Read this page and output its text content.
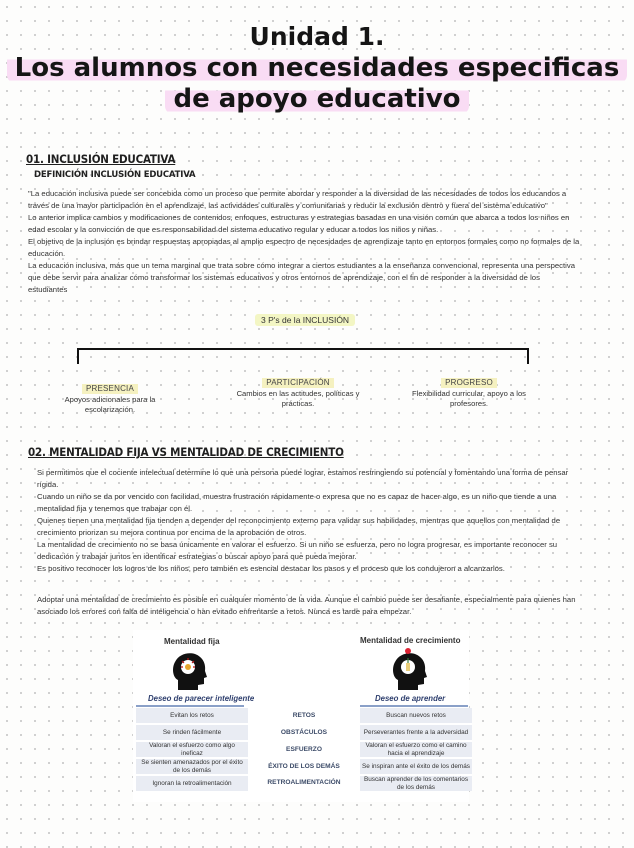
Unidad 1.
Los alumnos con necesidades especificas
de apoyo educativo
01. INCLUSIÓN EDUCATIVA
DEFINICIÓN INCLUSIÓN EDUCATIVA

"La educación inclusiva puede ser concebida como un proceso que permite abordar y responder a la diversidad de las necesidades de todos los educandos a través de una mayor participación en el aprendizaje, las actividades culturales y comunitarias y reducir la exclusión dentro y fuera del sistema educativo"

Lo anterior implica cambios y modificaciones de contenidos, enfoques, estructuras y estrategias basadas en una visión común que abarca a todos los niños en edad escolar y la convicción de que es responsabilidad del sistema educativo regular y educar a todos los niños y niñas.

El objetivo de la inclusión es brindar respuestas apropiadas al amplio espectro de necesidades de aprendizaje tanto en entornos formales como no formales de la educación.

La educación inclusiva, más que un tema marginal que trata sobre cómo integrar a ciertos estudiantes a la enseñanza convencional, representa una perspectiva que debe servir para analizar cómo transformar los sistemas educativos y otros entornos de aprendizaje, con el fin de responder a la diversidad de los estudiantes

3 P's de la INCLUSIÓN
PRESENCIA
Apoyos adicionales para la escolarización.
PARTICIPACIÓN
Cambios en las actitudes, políticas y prácticas.
PROGRESO
Flexibilidad curricular, apoyo a los profesores.
02. MENTALIDAD FIJA VS MENTALIDAD DE CRECIMIENTO

Si permitimos que el cociente intelectual determine lo que una persona puede lograr, estamos restringiendo su potencial y fomentando una forma de pensar rígida.

Cuando un niño se da por vencido con facilidad, muestra frustración rápidamente o expresa que no es capaz de hacer algo, es un niño que tiende a una mentalidad fija y tenemos que trabajar con él.

Quienes tienen una mentalidad fija tienden a depender del reconocimiento externo para validar sus habilidades, mientras que aquellos con mentalidad de crecimiento priorizan su mejora continua por encima de la aprobación de otros.

La mentalidad de crecimiento no se basa únicamente en valorar el esfuerzo. Si un niño se esfuerza, pero no logra progresar, es importante reconocer su dedicación y trabajar juntos en identificar estrategias o buscar apoyo para que pueda mejorar.

Es positivo reconocer los logros de los niños, pero también es esencial destacar los pasos y el proceso que los condujeron a alcanzarlos.

Adoptar una mentalidad de crecimiento es posible en cualquier momento de la vida. Aunque el cambio puede ser desafiante, especialmente para quienes han asociado los errores con falta de inteligencia o han evitado enfrentarse a retos. Nunca es tarde para empezar.

Mentalidad fija	Mentalidad de crecimiento
Deseo de parecer inteligente	Deseo de aprender
Evitan los retos	RETOS	Buscan nuevos retos
Se rinden fácilmente	OBSTÁCULOS	Perseverantes frente a la adversidad
Valoran el esfuerzo como algo ineficaz	ESFUERZO	Valoran el esfuerzo como el camino hacia el aprendizaje
Se sienten amenazados por el éxito de los demás	ÉXITO DE LOS DEMÁS	Se inspiran ante el éxito de los demás
Ignoran la retroalimentación	RETROALIMENTACIÓN	Buscan aprender de los comentarios de los demás
